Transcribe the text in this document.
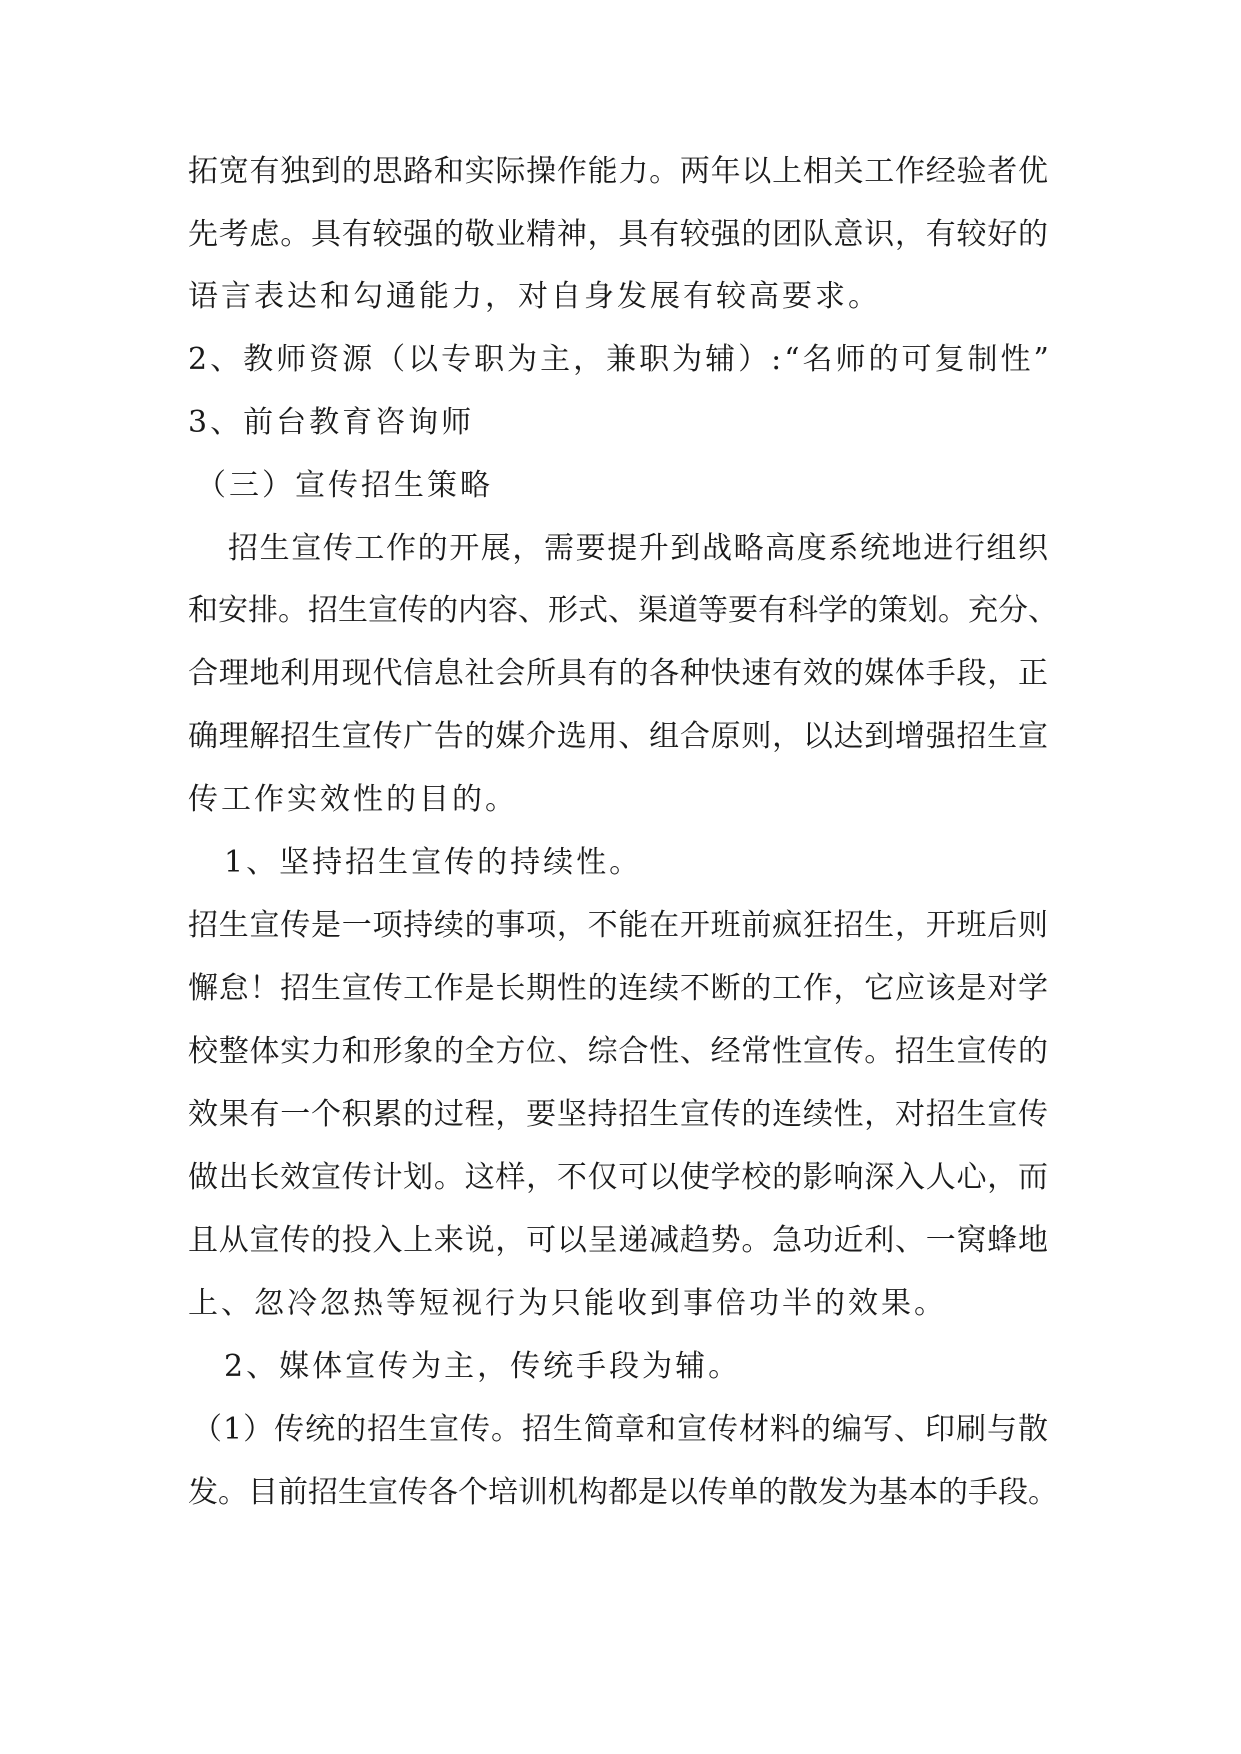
拓宽有独到的思路和实际操作能力。两年以上相关工作经验者优
先考虑。具有较强的敬业精神，具有较强的团队意识，有较好的
语言表达和勾通能力，对自身发展有较高要求。
2、教师资源（以专职为主，兼职为辅）:“名师的可复制性”
3、前台教育咨询师
（三）宣传招生策略
招生宣传工作的开展，需要提升到战略高度系统地进行组织
和安排。招生宣传的内容、形式、渠道等要有科学的策划。充分、
合理地利用现代信息社会所具有的各种快速有效的媒体手段，正
确理解招生宣传广告的媒介选用、组合原则，以达到增强招生宣
传工作实效性的目的。
1、坚持招生宣传的持续性。
招生宣传是一项持续的事项，不能在开班前疯狂招生，开班后则
懈怠！招生宣传工作是长期性的连续不断的工作，它应该是对学
校整体实力和形象的全方位、综合性、经常性宣传。招生宣传的
效果有一个积累的过程，要坚持招生宣传的连续性，对招生宣传
做出长效宣传计划。这样，不仅可以使学校的影响深入人心，而
且从宣传的投入上来说，可以呈递减趋势。急功近利、一窝蜂地
上、忽冷忽热等短视行为只能收到事倍功半的效果。
2、媒体宣传为主，传统手段为辅。
（1）传统的招生宣传。招生简章和宣传材料的编写、印刷与散
发。目前招生宣传各个培训机构都是以传单的散发为基本的手段。
